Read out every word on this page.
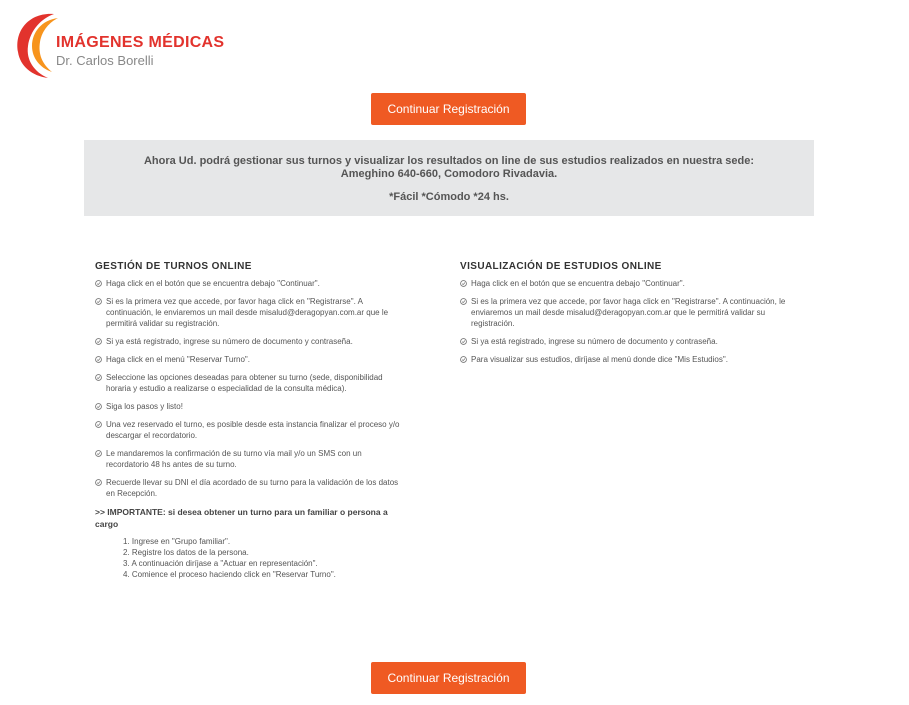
IMÁGENES MÉDICAS
Dr. Carlos Borelli
Continuar Registración
Ahora Ud. podrá gestionar sus turnos y visualizar los resultados on line de sus estudios realizados en nuestra sede:
Ameghino 640-660, Comodoro Rivadavia.
*Fácil *Cómodo *24 hs.
GESTIÓN DE TURNOS ONLINE
Haga click en el botón que se encuentra debajo "Continuar".
Si es la primera vez que accede, por favor haga click en "Registrarse". A continuación, le enviaremos un mail desde misalud@deragopyan.com.ar que le permitirá validar su registración.
Si ya está registrado, ingrese su número de documento y contraseña.
Haga click en el menú "Reservar Turno".
Seleccione las opciones deseadas para obtener su turno (sede, disponibilidad horaria y estudio a realizarse o especialidad de la consulta médica).
Siga los pasos y listo!
Una vez reservado el turno, es posible desde esta instancia finalizar el proceso y/o descargar el recordatorio.
Le mandaremos la confirmación de su turno vía mail y/o un SMS con un recordatorio 48 hs antes de su turno.
Recuerde llevar su DNI el día acordado de su turno para la validación de los datos en Recepción.
>> IMPORTANTE: si desea obtener un turno para un familiar o persona a cargo
1. Ingrese en "Grupo familiar".
2. Registre los datos de la persona.
3. A continuación diríjase a "Actuar en representación".
4. Comience el proceso haciendo click en "Reservar Turno".
VISUALIZACIÓN DE ESTUDIOS ONLINE
Haga click en el botón que se encuentra debajo "Continuar".
Si es la primera vez que accede, por favor haga click en "Registrarse". A continuación, le enviaremos un mail desde misalud@deragopyan.com.ar que le permitirá validar su registración.
Si ya está registrado, ingrese su número de documento y contraseña.
Para visualizar sus estudios, diríjase al menú donde dice "Mis Estudios".
Continuar Registración
